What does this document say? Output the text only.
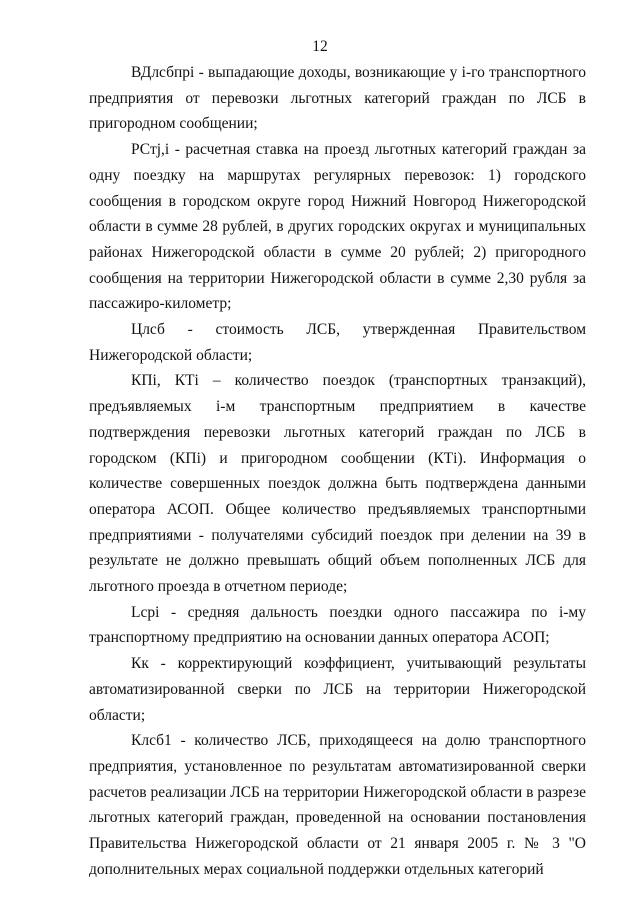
12

ВДлсбпрi - выпадающие доходы, возникающие у i-го транспортного предприятия от перевозки льготных категорий граждан по ЛСБ в пригородном сообщении;

РСтj,i - расчетная ставка на проезд льготных категорий граждан за одну поездку на маршрутах регулярных перевозок: 1) городского сообщения в городском округе город Нижний Новгород Нижегородской области в сумме 28 рублей, в других городских округах и муниципальных районах Нижегородской области в сумме 20 рублей; 2) пригородного сообщения на территории Нижегородской области в сумме 2,30 рубля за пассажиро-километр;

Цлсб - стоимость ЛСБ, утвержденная Правительством Нижегородской области;

КПi, КТi – количество поездок (транспортных транзакций), предъявляемых i-м транспортным предприятием в качестве подтверждения перевозки льготных категорий граждан по ЛСБ в городском (КПi) и пригородном сообщении (КТi). Информация о количестве совершенных поездок должна быть подтверждена данными оператора АСОП. Общее количество предъявляемых транспортными предприятиями - получателями субсидий поездок при делении на 39 в результате не должно превышать общий объем пополненных ЛСБ для льготного проезда в отчетном периоде;

Lсрi - средняя дальность поездки одного пассажира по i-му транспортному предприятию на основании данных оператора АСОП;

Кк - корректирующий коэффициент, учитывающий результаты автоматизированной сверки по ЛСБ на территории Нижегородской области;

Клсб1 - количество ЛСБ, приходящееся на долю транспортного предприятия, установленное по результатам автоматизированной сверки расчетов реализации ЛСБ на территории Нижегородской области в разрезе льготных категорий граждан, проведенной на основании постановления Правительства Нижегородской области от 21 января 2005 г. № 3 "О дополнительных мерах социальной поддержки отдельных категорий
